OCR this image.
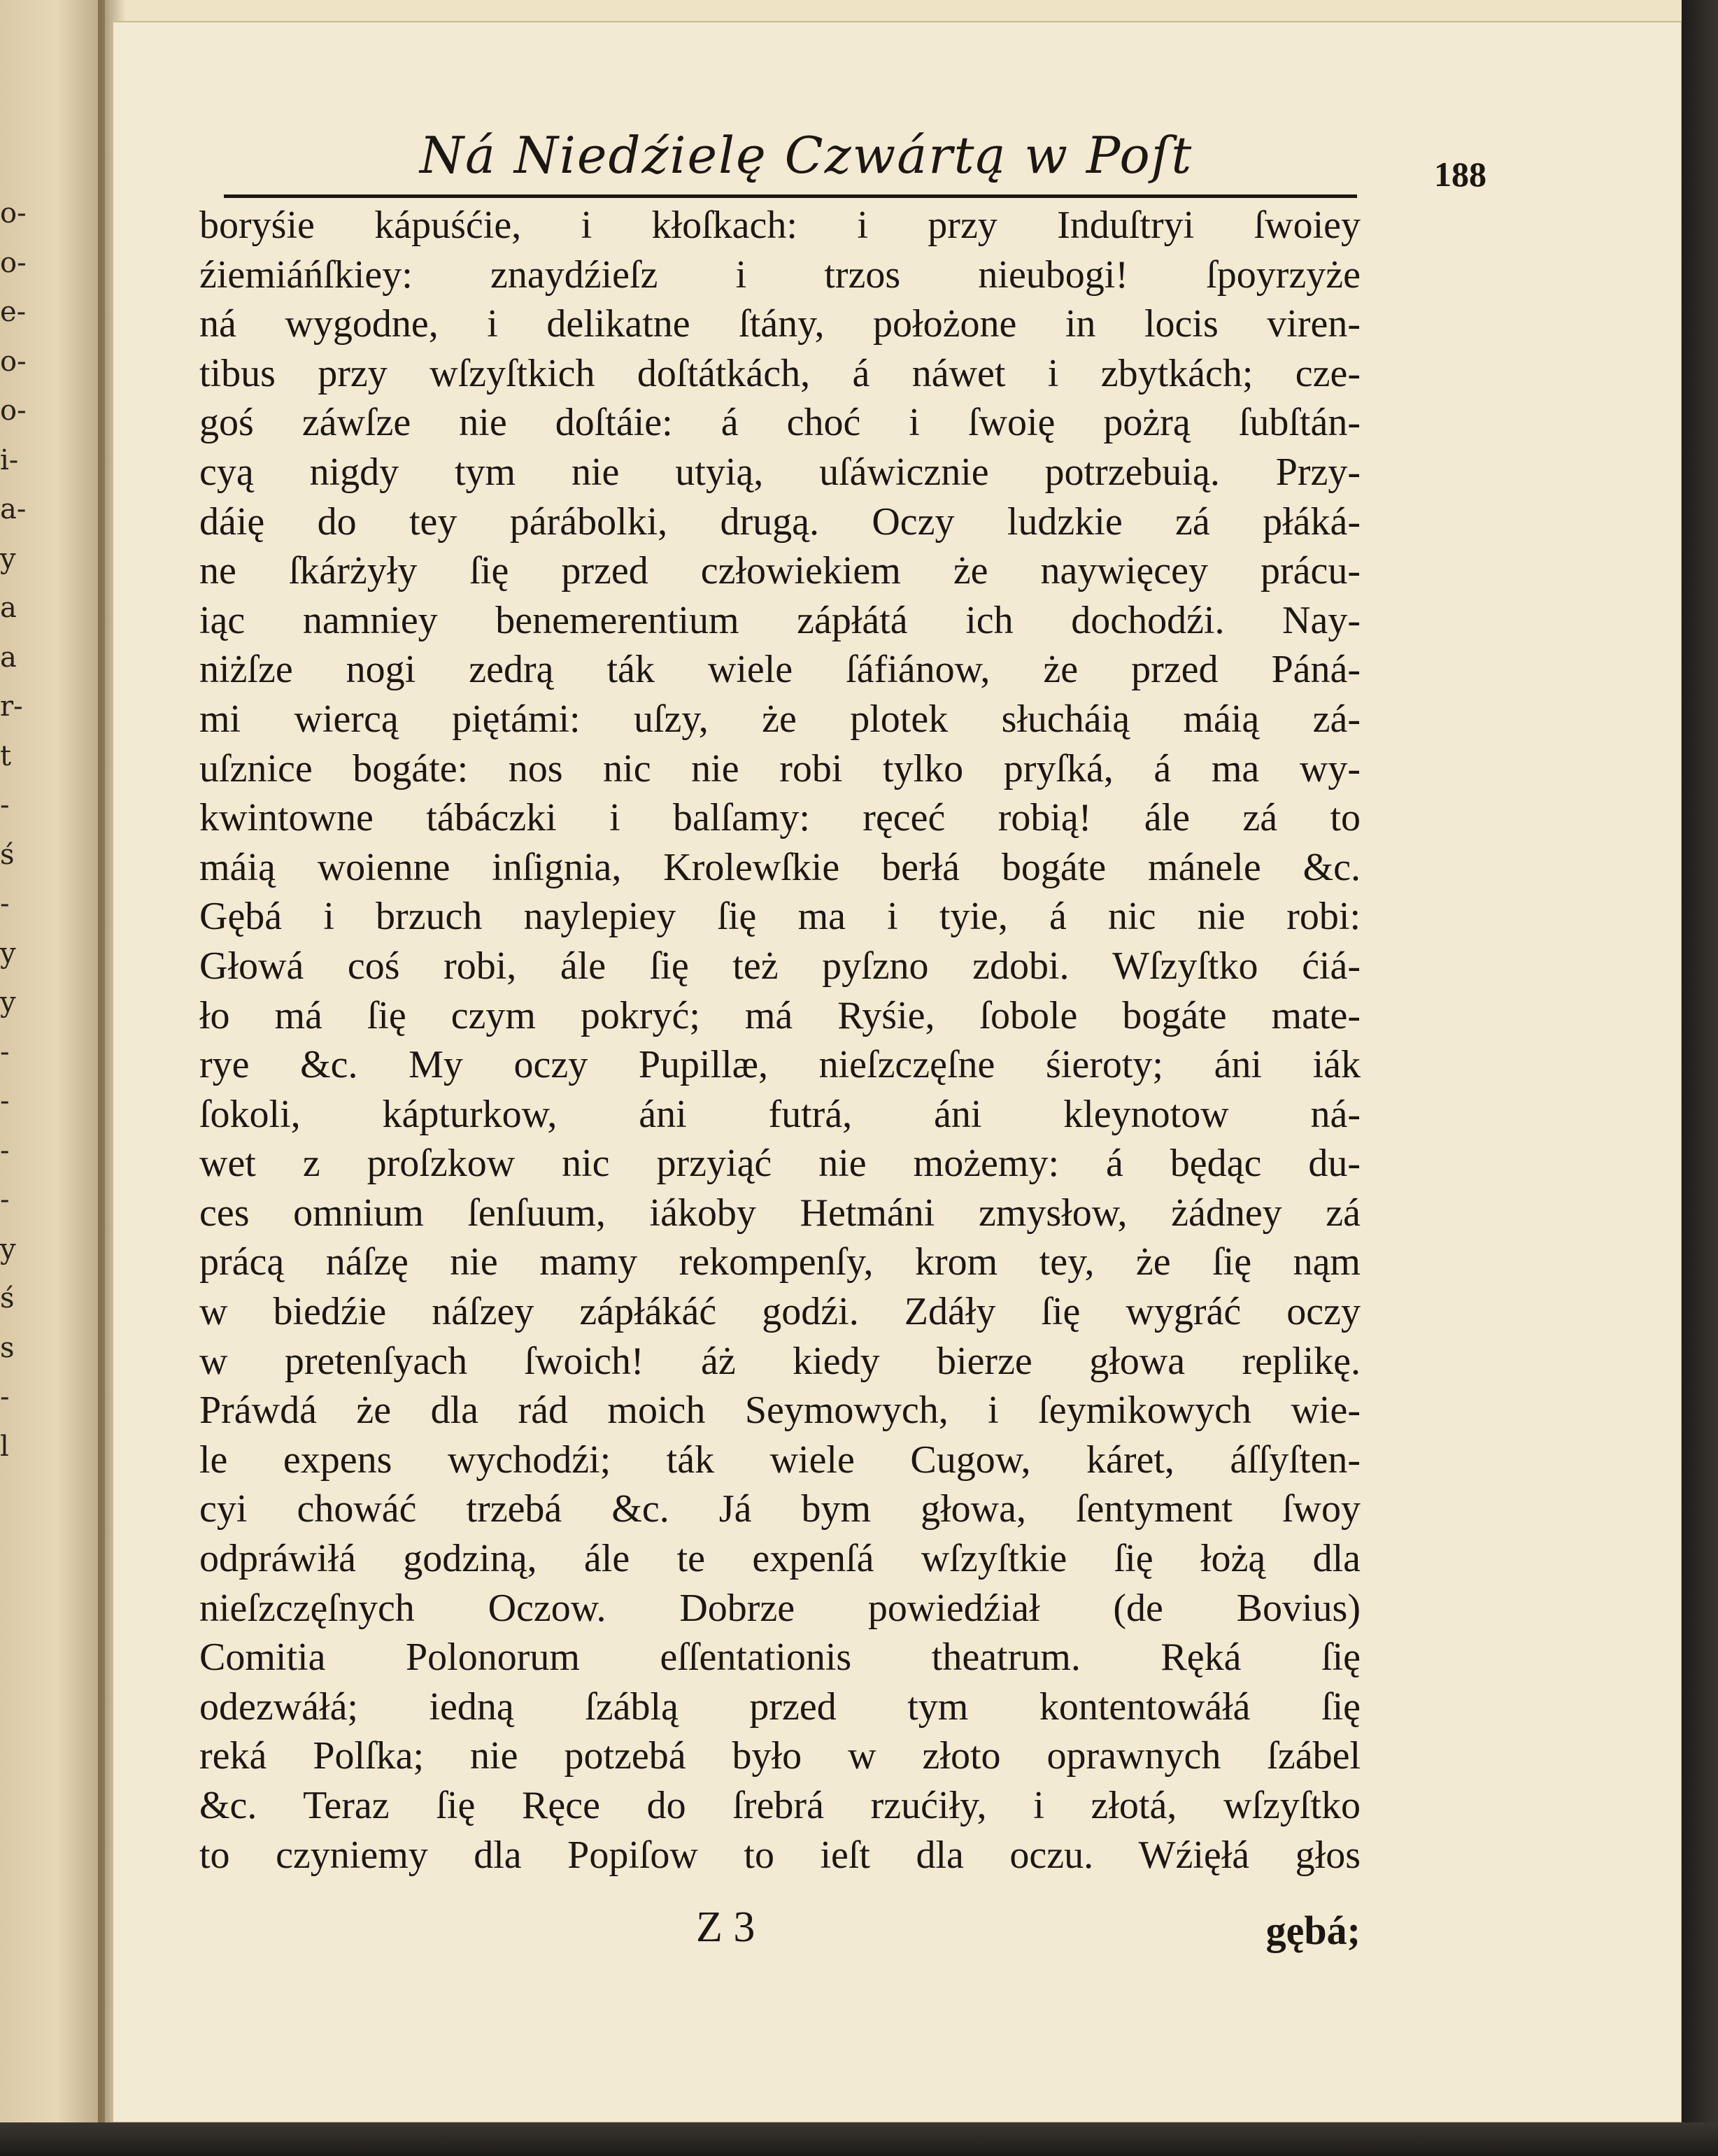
o-
o-
e-
o-
o-
i-
a-
y
a
a
r-
t
-
ś
-
y
y
-
-
-
-
y
ś
s
-
l
Ná Niedźielę Czwártą w Poſt	188
boryśie kápuśćie, i kłoſkach: i przy Induſtryi ſwoiey
źiemiáńſkiey: znaydźieſz i trzos nieubogi! ſpoyrzyże
ná wygodne, i delikatne ſtány, położone in locis viren-
tibus przy wſzyſtkich doſtátkách, á náwet i zbytkách; cze-
goś záwſze nie doſtáie: á choć i ſwoię pożrą ſubſtán-
cyą nigdy tym nie utyią, uſáwicznie potrzebuią. Przy-
dáię do tey párábolki, drugą. Oczy ludzkie zá płáká-
ne ſkárżyły ſię przed człowiekiem że naywięcey prácu-
iąc namniey benemerentium zápłátá ich dochodźi. Nay-
niżſze nogi zedrą ták wiele ſáfiánow, że przed Páná-
mi wiercą piętámi: uſzy, że plotek słucháią máią zá-
uſznice bogáte: nos nic nie robi tylko pryſká, á ma wy-
kwintowne tábáczki i balſamy: ręceć robią! ále zá to
máią woienne inſignia, Krolewſkie berłá bogáte mánele &c.
Gębá i brzuch naylepiey ſię ma i tyie, á nic nie robi:
Głowá coś robi, ále ſię też pyſzno zdobi. Wſzyſtko ćiá-
ło má ſię czym pokryć; má Ryśie, ſobole bogáte mate-
rye &c. My oczy Pupillæ, nieſzczęſne śieroty; áni iák
ſokoli, kápturkow, áni futrá, áni kleynotow ná-
wet z proſzkow nic przyiąć nie możemy: á będąc du-
ces omnium ſenſuum, iákoby Hetmáni zmysłow, żádney zá
prácą náſzę nie mamy rekompenſy, krom tey, że ſię nąm
w biedźie náſzey zápłákáć godźi. Zdáły ſię wygráć oczy
w pretenſyach ſwoich! áż kiedy bierze głowa replikę.
Práwdá że dla rád moich Seymowych, i ſeymikowych wie-
le expens wychodźi; ták wiele Cugow, káret, áſſyſten-
cyi chowáć trzebá &c. Já bym głowa, ſentyment ſwoy
odpráwiłá godziną, ále te expenſá wſzyſtkie ſię łożą dla
nieſzczęſnych Oczow. Dobrze powiedźiał (de Bovius)
Comitia Polonorum eſſentationis theatrum. Ręká ſię
odezwáłá; iedną ſzáblą przed tym kontentowáłá ſię
reká Polſka; nie potzebá było w złoto oprawnych ſzábel
&c. Teraz ſię Ręce do ſrebrá rzućiły, i złotá, wſzyſtko
to czyniemy dla Popiſow to ieſt dla oczu. Wźięłá głos
Z 3	gębá;
